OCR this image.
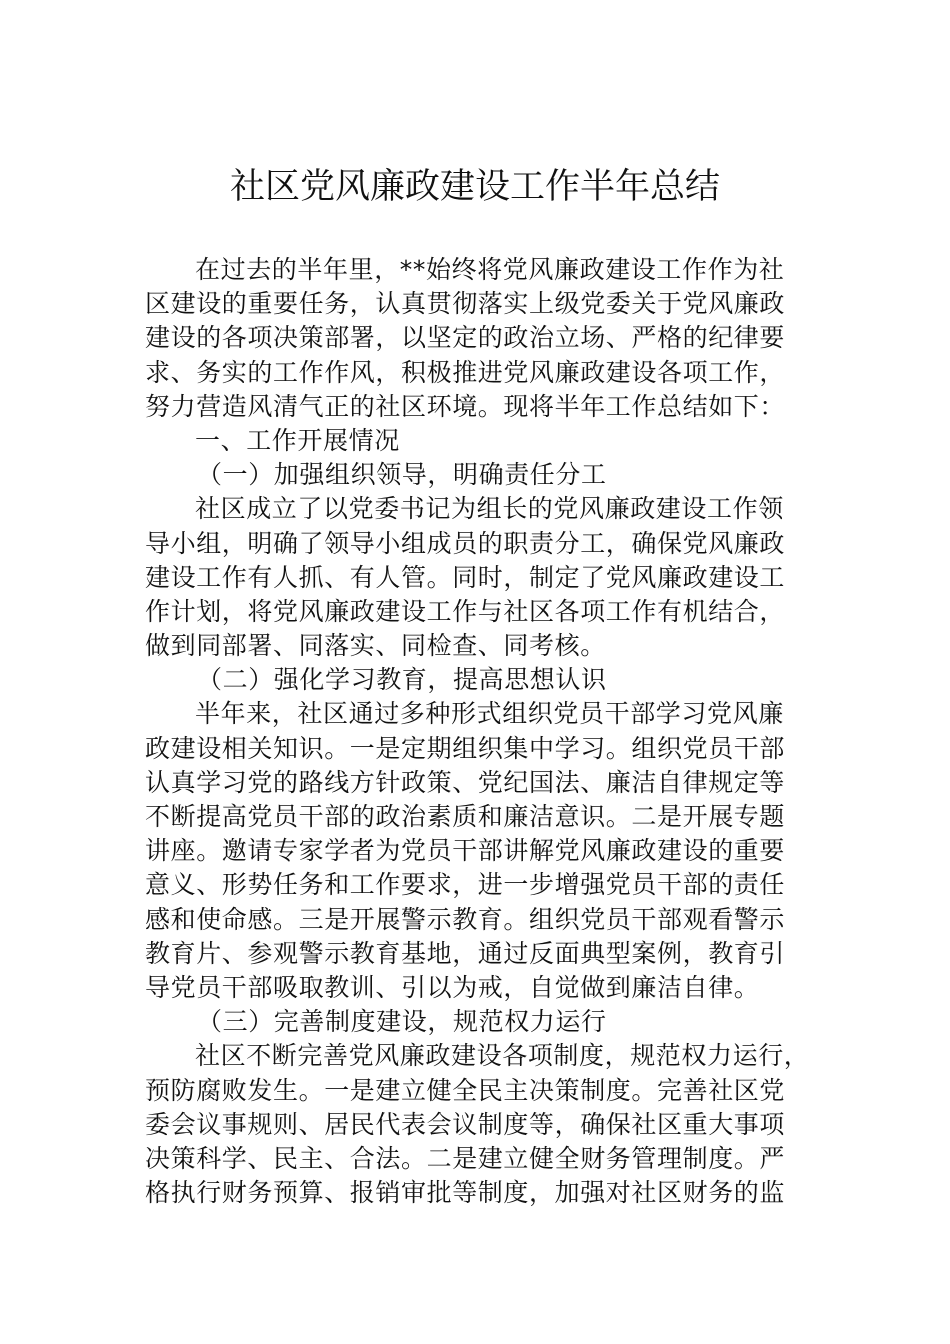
社区党风廉政建设工作半年总结
在过去的半年里，**始终将党风廉政建设工作作为社
区建设的重要任务，认真贯彻落实上级党委关于党风廉政
建设的各项决策部署，以坚定的政治立场、严格的纪律要
求、务实的工作作风，积极推进党风廉政建设各项工作，
努力营造风清气正的社区环境。现将半年工作总结如下：
一、工作开展情况
（一）加强组织领导，明确责任分工
社区成立了以党委书记为组长的党风廉政建设工作领
导小组，明确了领导小组成员的职责分工，确保党风廉政
建设工作有人抓、有人管。同时，制定了党风廉政建设工
作计划，将党风廉政建设工作与社区各项工作有机结合，
做到同部署、同落实、同检查、同考核。
（二）强化学习教育，提高思想认识
半年来，社区通过多种形式组织党员干部学习党风廉
政建设相关知识。一是定期组织集中学习。组织党员干部
认真学习党的路线方针政策、党纪国法、廉洁自律规定等
不断提高党员干部的政治素质和廉洁意识。二是开展专题
讲座。邀请专家学者为党员干部讲解党风廉政建设的重要
意义、形势任务和工作要求，进一步增强党员干部的责任
感和使命感。三是开展警示教育。组织党员干部观看警示
教育片、参观警示教育基地，通过反面典型案例，教育引
导党员干部吸取教训、引以为戒，自觉做到廉洁自律。
（三）完善制度建设，规范权力运行
社区不断完善党风廉政建设各项制度，规范权力运行，
预防腐败发生。一是建立健全民主决策制度。完善社区党
委会议事规则、居民代表会议制度等，确保社区重大事项
决策科学、民主、合法。二是建立健全财务管理制度。严
格执行财务预算、报销审批等制度，加强对社区财务的监
